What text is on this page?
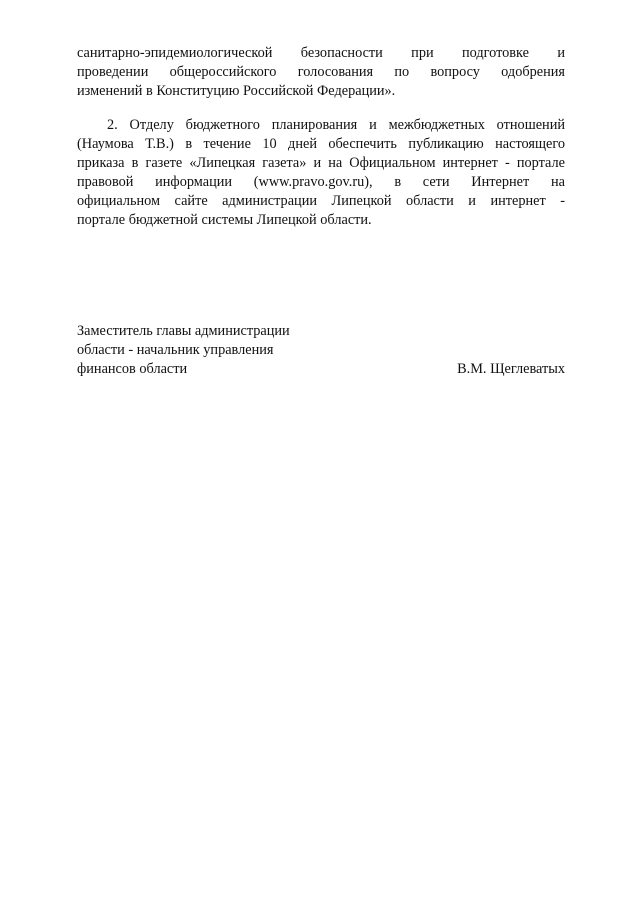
санитарно-эпидемиологической безопасности при подготовке и
проведении общероссийского голосования по вопросу одобрения
изменений в Конституцию Российской Федерации».
2. Отделу бюджетного планирования и межбюджетных отношений
(Наумова Т.В.) в течение 10 дней обеспечить публикацию настоящего
приказа в газете «Липецкая газета» и на Официальном интернет - портале
правовой информации (www.pravo.gov.ru), в сети Интернет на
официальном сайте администрации Липецкой области и интернет -
портале бюджетной системы Липецкой области.
Заместитель главы администрации
области - начальник управления
финансов области	В.М. Щеглеватых
